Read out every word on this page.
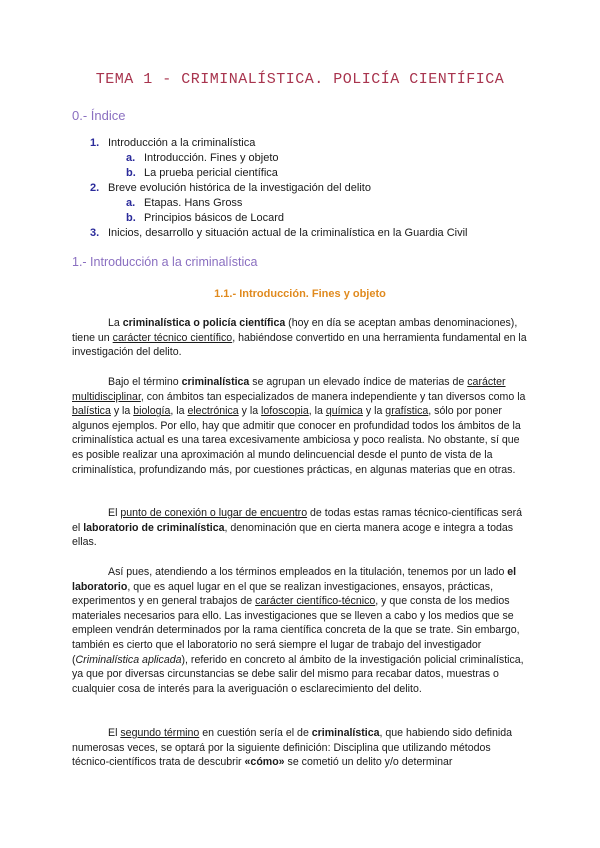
TEMA 1 - CRIMINALÍSTICA. POLICÍA CIENTÍFICA
0.- Índice
1. Introducción a la criminalística
a. Introducción. Fines y objeto
b. La prueba pericial científica
2. Breve evolución histórica de la investigación del delito
a. Etapas. Hans Gross
b. Principios básicos de Locard
3. Inicios, desarrollo y situación actual de la criminalística en la Guardia Civil
1.- Introducción a la criminalística
1.1.- Introducción. Fines y objeto

La criminalística o policía científica (hoy en día se aceptan ambas denominaciones), tiene un carácter técnico científico, habiéndose convertido en una herramienta fundamental en la investigación del delito.

Bajo el término criminalística se agrupan un elevado índice de materias de carácter multidisciplinar, con ámbitos tan especializados de manera independiente y tan diversos como la balística y la biología, la electrónica y la lofoscopia, la química y la grafística, sólo por poner algunos ejemplos. Por ello, hay que admitir que conocer en profundidad todos los ámbitos de la criminalística actual es una tarea excesivamente ambiciosa y poco realista. No obstante, sí que es posible realizar una aproximación al mundo delincuencial desde el punto de vista de la criminalística, profundizando más, por cuestiones prácticas, en algunas materias que en otras.

El punto de conexión o lugar de encuentro de todas estas ramas técnico-científicas será el laboratorio de criminalística, denominación que en cierta manera acoge e integra a todas ellas.

Así pues, atendiendo a los términos empleados en la titulación, tenemos por un lado el laboratorio, que es aquel lugar en el que se realizan investigaciones, ensayos, prácticas, experimentos y en general trabajos de carácter científico-técnico, y que consta de los medios materiales necesarios para ello. Las investigaciones que se lleven a cabo y los medios que se empleen vendrán determinados por la rama científica concreta de la que se trate. Sin embargo, también es cierto que el laboratorio no será siempre el lugar de trabajo del investigador (Criminalística aplicada), referido en concreto al ámbito de la investigación policial criminalística, ya que por diversas circunstancias se debe salir del mismo para recabar datos, muestras o cualquier cosa de interés para la averiguación o esclarecimiento del delito.

El segundo término en cuestión sería el de criminalística, que habiendo sido definida numerosas veces, se optará por la siguiente definición: Disciplina que utilizando métodos técnico-científicos trata de descubrir «cómo» se cometió un delito y/o determinar
